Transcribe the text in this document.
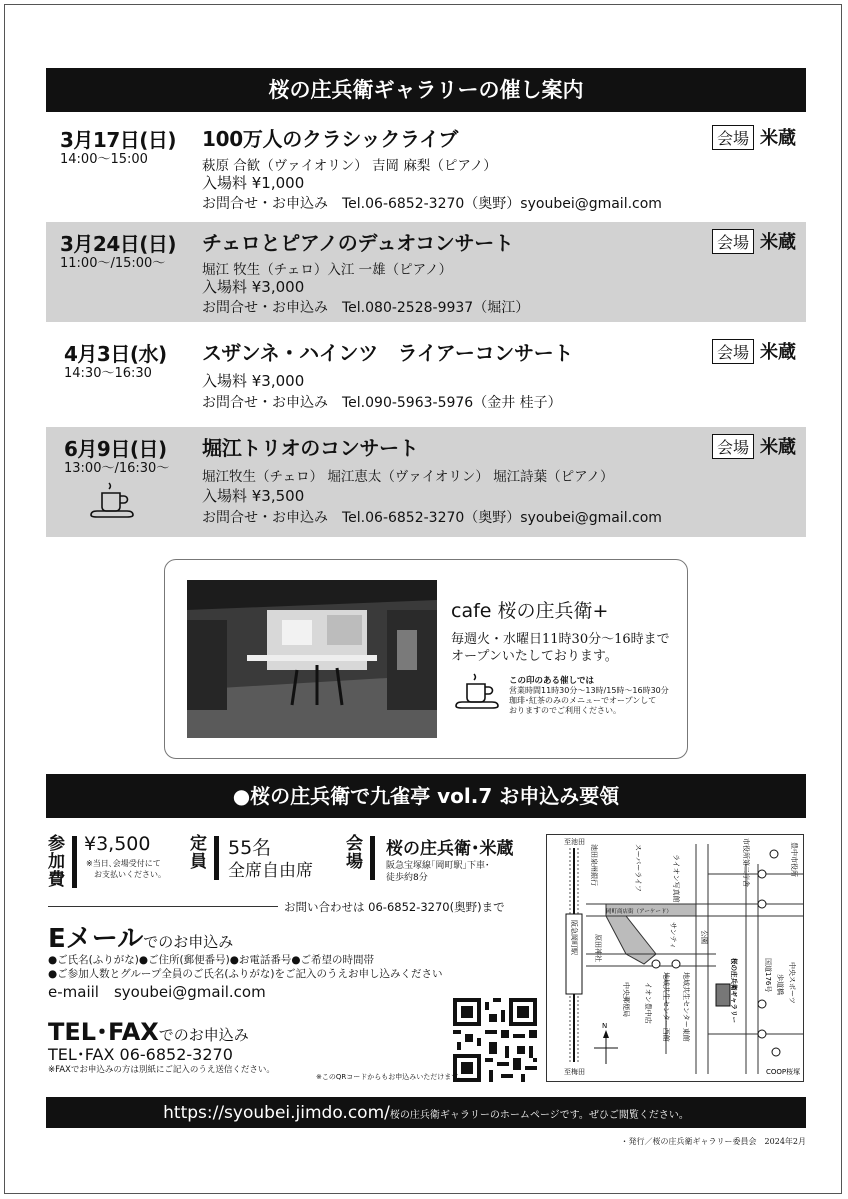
桜の庄兵衛ギャラリーの催し案内
3月17日(日)
14:00〜15:00
100万人のクラシックライブ	会場 米蔵
萩原 合歓（ヴァイオリン） 吉岡 麻梨（ピアノ）
入場料 ¥1,000
お問合せ・お申込み　Tel.06-6852-3270（奥野）syoubei@gmail.com
3月24日(日)
11:00〜/15:00〜
チェロとピアノのデュオコンサート	会場 米蔵
堀江 牧生（チェロ）入江 一雄（ピアノ）
入場料 ¥3,000
お問合せ・お申込み　Tel.080-2528-9937（堀江）
4月3日(水)
14:30〜16:30
スザンネ・ハインツ　ライアーコンサート	会場 米蔵
入場料 ¥3,000
お問合せ・お申込み　Tel.090-5963-5976（金井 桂子）
6月9日(日)
13:00〜/16:30〜
堀江トリオのコンサート	会場 米蔵
堀江牧生（チェロ） 堀江恵太（ヴァイオリン） 堀江詩葉（ピアノ）
入場料 ¥3,500
お問合せ・お申込み　Tel.06-6852-3270（奥野）syoubei@gmail.com
cafe 桜の庄兵衛+
毎週火・水曜日11時30分〜16時まで
オープンいたしております。
この印のある催しでは
営業時間11時30分〜13時/15時〜16時30分
珈琲･紅茶のみのメニューでオープンして
おりますのでご利用ください。
●桜の庄兵衛で九雀亭 vol.7 お申込み要領
参加費
¥3,500
※当日､会場受付にて
お支払いください。
定員
55名
全席自由席
会場
桜の庄兵衛･米蔵
阪急宝塚線｢岡町駅｣下車･
徒歩約8分
お問い合わせは 06-6852-3270(奥野)まで
Eメールでのお申込み
●ご氏名(ふりがな)●ご住所(郵便番号)●お電話番号●ご希望の時間帯
●ご参加人数とグループ全員のご氏名(ふりがな)をご記入のうえお申し込みください
e-maiil　syoubei@gmail.com
TEL･FAXでのお申込み
TEL･FAX 06-6852-3270
※FAXでお申込みの方は別紙にご記入のうえ送信ください。
※このQRコードからもお申込みいただけます。
N
至池田
至梅田
岡町商店街（アーケード）
阪急岡町駅
スーパーライフ
池田泉州銀行	ライオン写真館
サンティ	公園
原田神社
中央郵便局 イオン豊中店 地域共生センター西館 地域共生センター東館	桜の庄兵衛ギャラリー	国道176号 歩道橋
豊中市役所
市役所第二庁舎
中央スポーツ
COOP桜塚
https://syoubei.jimdo.com/桜の庄兵衛ギャラリーのホームページです。ぜひご閲覧ください。
・発行／桜の庄兵衛ギャラリー委員会　2024年2月
